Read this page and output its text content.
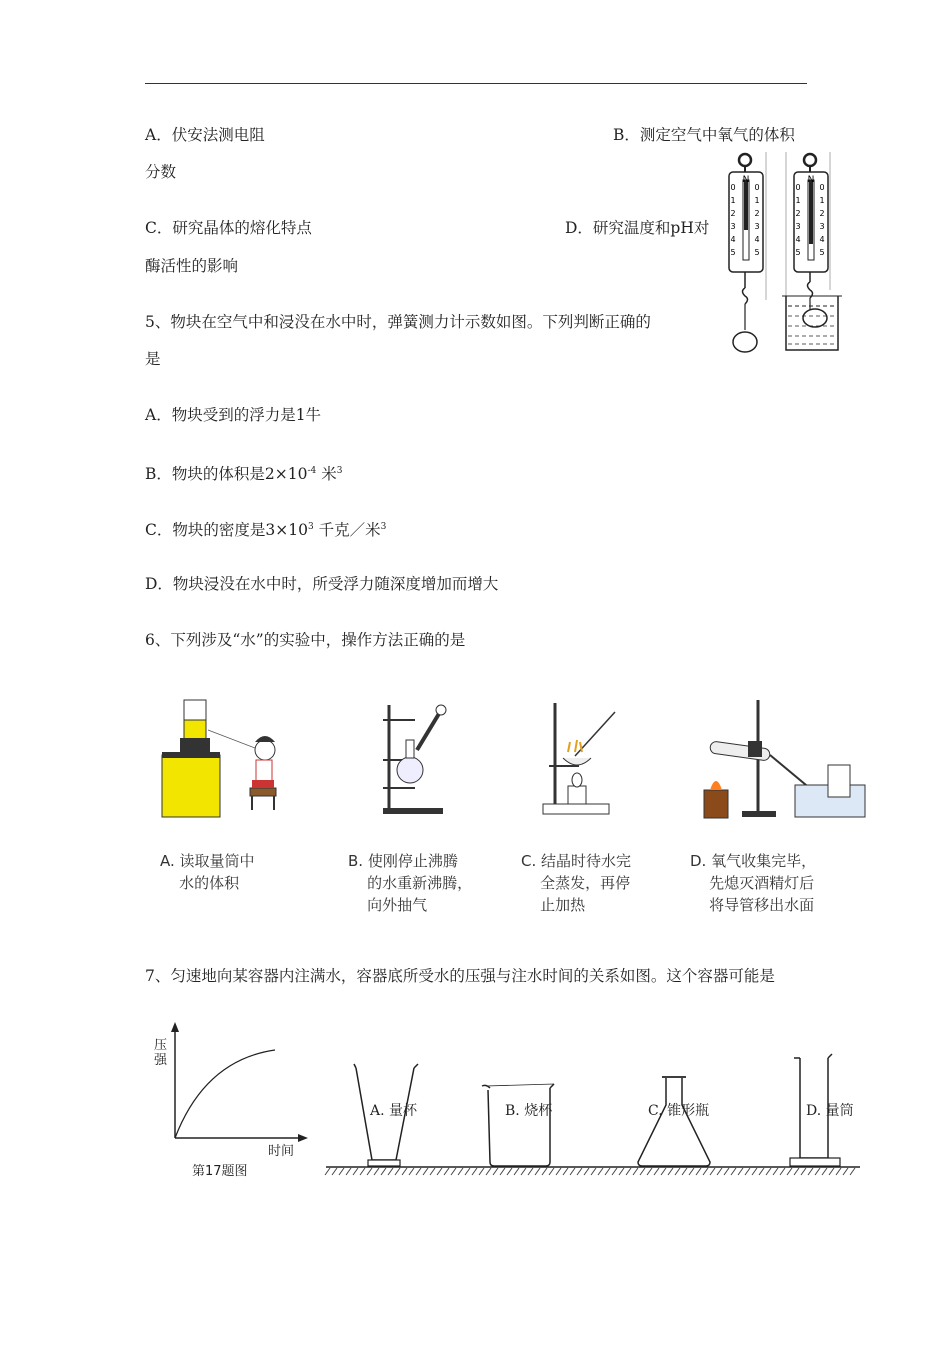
A．伏安法测电阻	B．测定空气中氧气的体积
分数
C．研究晶体的熔化特点	D．研究温度和pH对
酶活性的影响
5、物块在空气中和浸没在水中时，弹簧测力计示数如图。下列判断正确的
是
A．物块受到的浮力是1牛
B．物块的体积是$2\times 10^{-4}$ 米$^3$
C．物块的密度是$3\times 10^3$ 千克／米$^3$
D．物块浸没在水中时，所受浮力随深度增加而增大
N
0 0
1 1
2 2
3 3
4 4
5 5
N
0 0
1 1
2 2
3 3
4 4
5 5
6、下列涉及“水”的实验中，操作方法正确的是
A. 读取量筒中
水的体积
B. 使刚停止沸腾
的水重新沸腾，
向外抽气
C. 结晶时待水完
全蒸发，再停
止加热
D. 氧气收集完毕，
先熄灭酒精灯后
将导管移出水面
7、匀速地向某容器内注满水，容器底所受水的压强与注水时间的关系如图。这个容器可能是
压强
时间
第17题图
A. 量杯	B. 烧杯	C. 锥形瓶	D. 量筒
